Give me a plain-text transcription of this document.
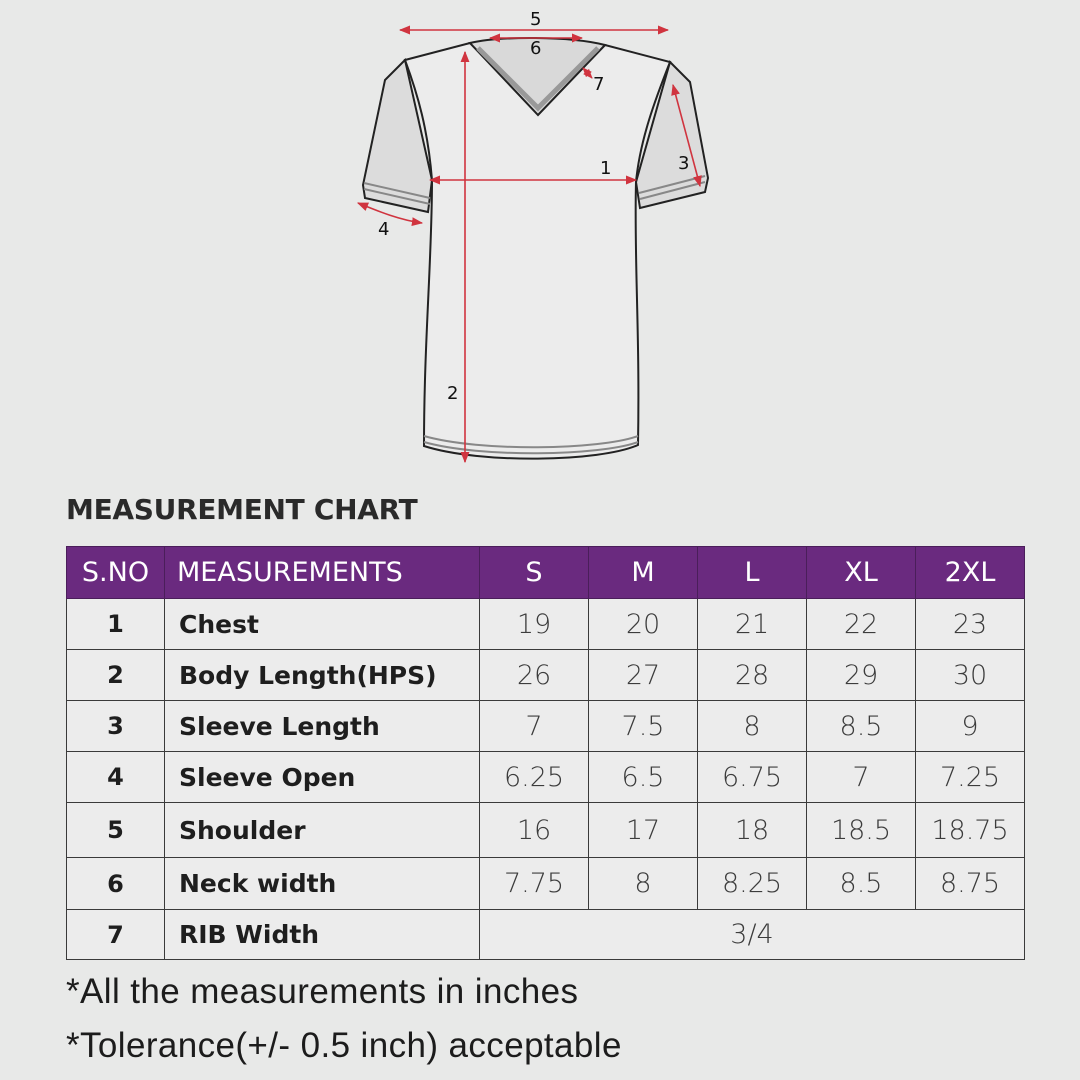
1
2
3
4
5
6
7
MEASUREMENT CHART
S.NO	MEASUREMENTS	S	M	L	XL	2XL
1	Chest	19	20	21	22	23
2	Body Length(HPS)	26	27	28	29	30
3	Sleeve Length	7	7.5	8	8.5	9
4	Sleeve Open	6.25	6.5	6.75	7	7.25
5	Shoulder	16	17	18	18.5	18.75
6	Neck width	7.75	8	8.25	8.5	8.75
7	RIB Width	3/4				
*All the measurements in inches
*Tolerance(+/- 0.5 inch) acceptable
